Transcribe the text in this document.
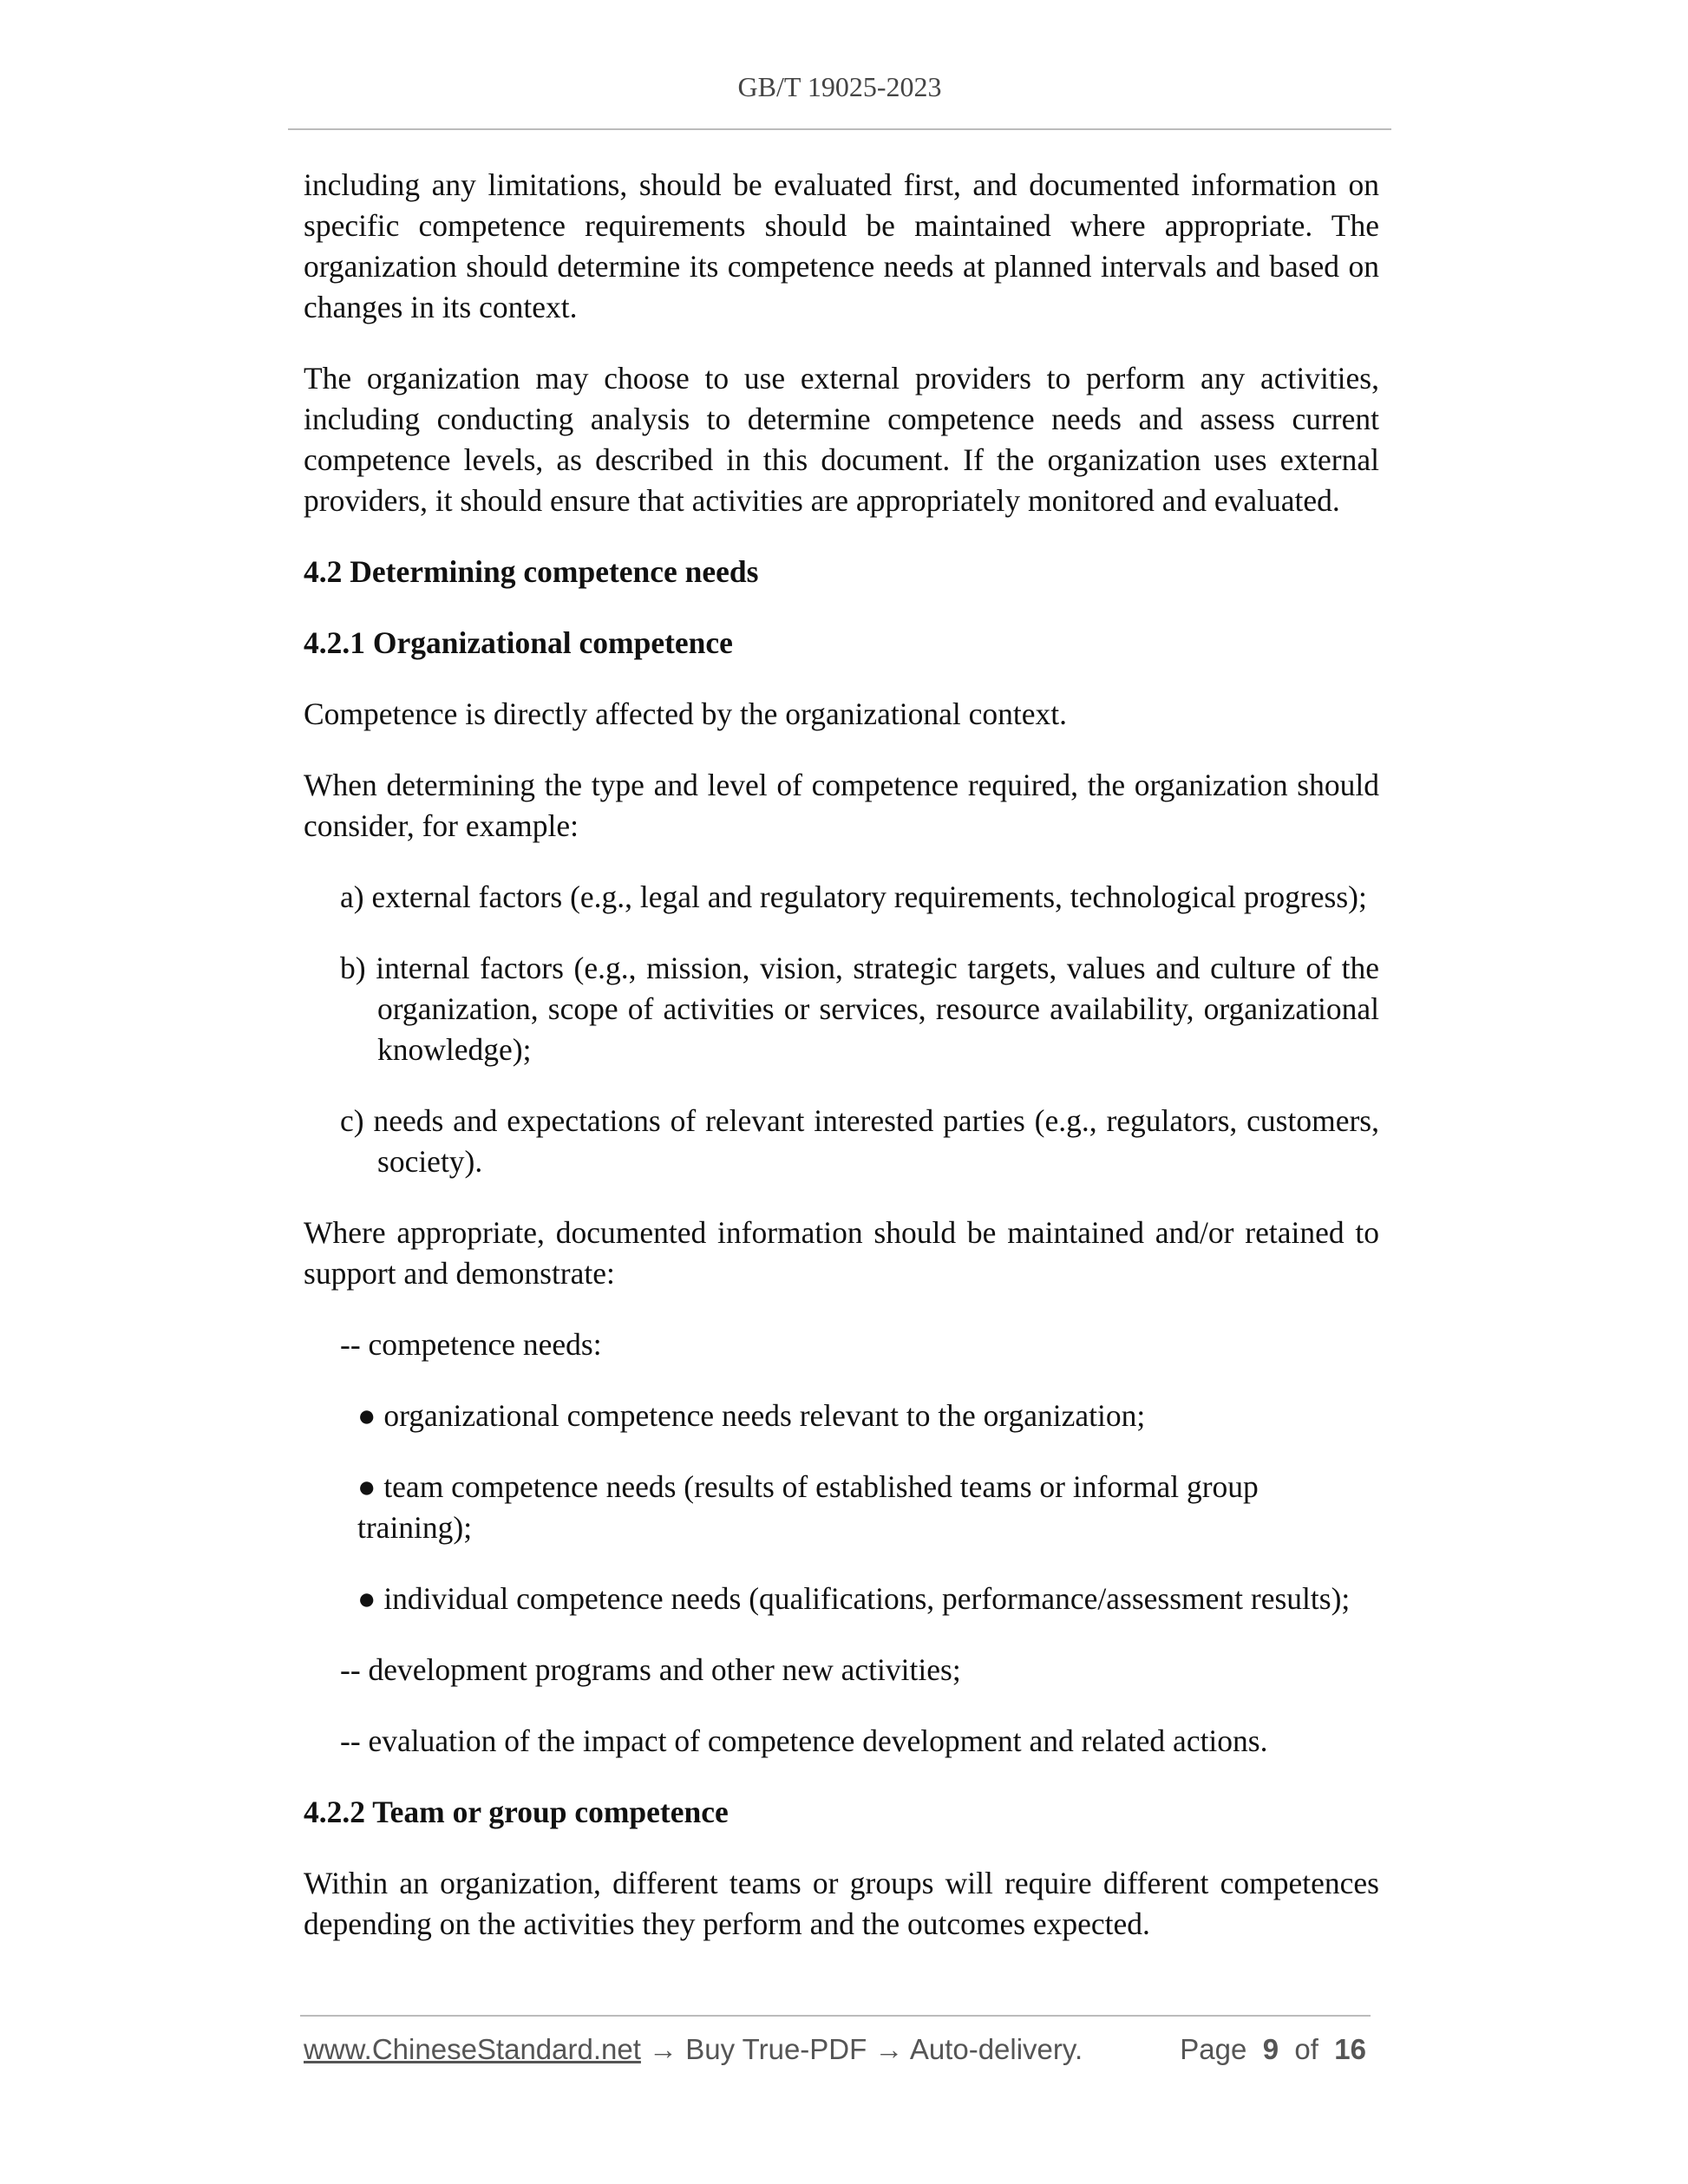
GB/T 19025-2023

including any limitations, should be evaluated first, and documented information on specific competence requirements should be maintained where appropriate. The organization should determine its competence needs at planned intervals and based on changes in its context.

The organization may choose to use external providers to perform any activities, including conducting analysis to determine competence needs and assess current competence levels, as described in this document. If the organization uses external providers, it should ensure that activities are appropriately monitored and evaluated.

4.2 Determining competence needs

4.2.1 Organizational competence

Competence is directly affected by the organizational context.

When determining the type and level of competence required, the organization should consider, for example:

a) external factors (e.g., legal and regulatory requirements, technological progress);

b) internal factors (e.g., mission, vision, strategic targets, values and culture of the organization, scope of activities or services, resource availability, organizational knowledge);

c) needs and expectations of relevant interested parties (e.g., regulators, customers, society).

Where appropriate, documented information should be maintained and/or retained to support and demonstrate:

-- competence needs:

● organizational competence needs relevant to the organization;

● team competence needs (results of established teams or informal group training);

● individual competence needs (qualifications, performance/assessment results);

-- development programs and other new activities;

-- evaluation of the impact of competence development and related actions.

4.2.2 Team or group competence

Within an organization, different teams or groups will require different competences depending on the activities they perform and the outcomes expected.

www.ChineseStandard.net → Buy True-PDF → Auto-delivery.	Page 9 of 16
